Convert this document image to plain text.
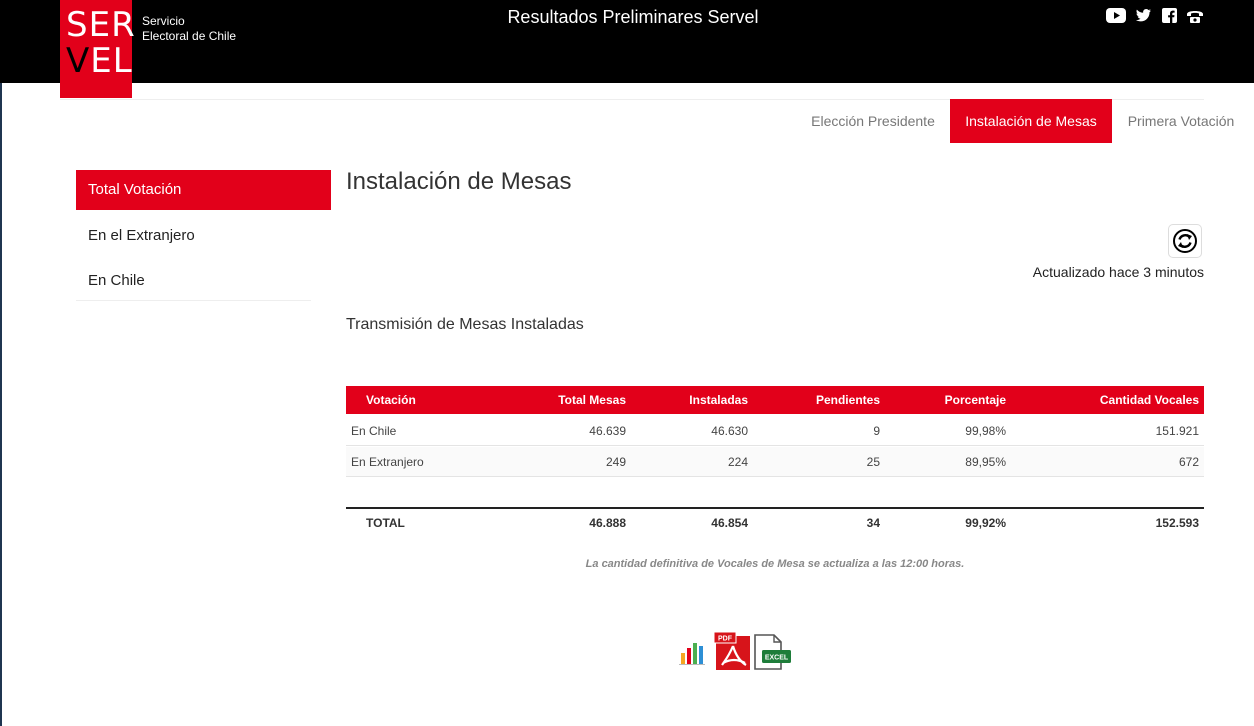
Resultados Preliminares Servel
Servicio
Electoral de Chile
SER
VEL
Elección Presidente	Instalación de Mesas	Primera Votación
Total Votación
En el Extranjero
En Chile
Instalación de Mesas
Actualizado hace 3 minutos
Transmisión de Mesas Instaladas
Votación	Total Mesas	Instaladas	Pendientes	Porcentaje	Cantidad Vocales
En Chile	46.639	46.630	9	99,98%	151.921
En Extranjero	249	224	25	89,95%	672
TOTAL	46.888	46.854	34	99,92%	152.593
La cantidad definitiva de Vocales de Mesa se actualiza a las 12:00 horas.
PDF
EXCEL
